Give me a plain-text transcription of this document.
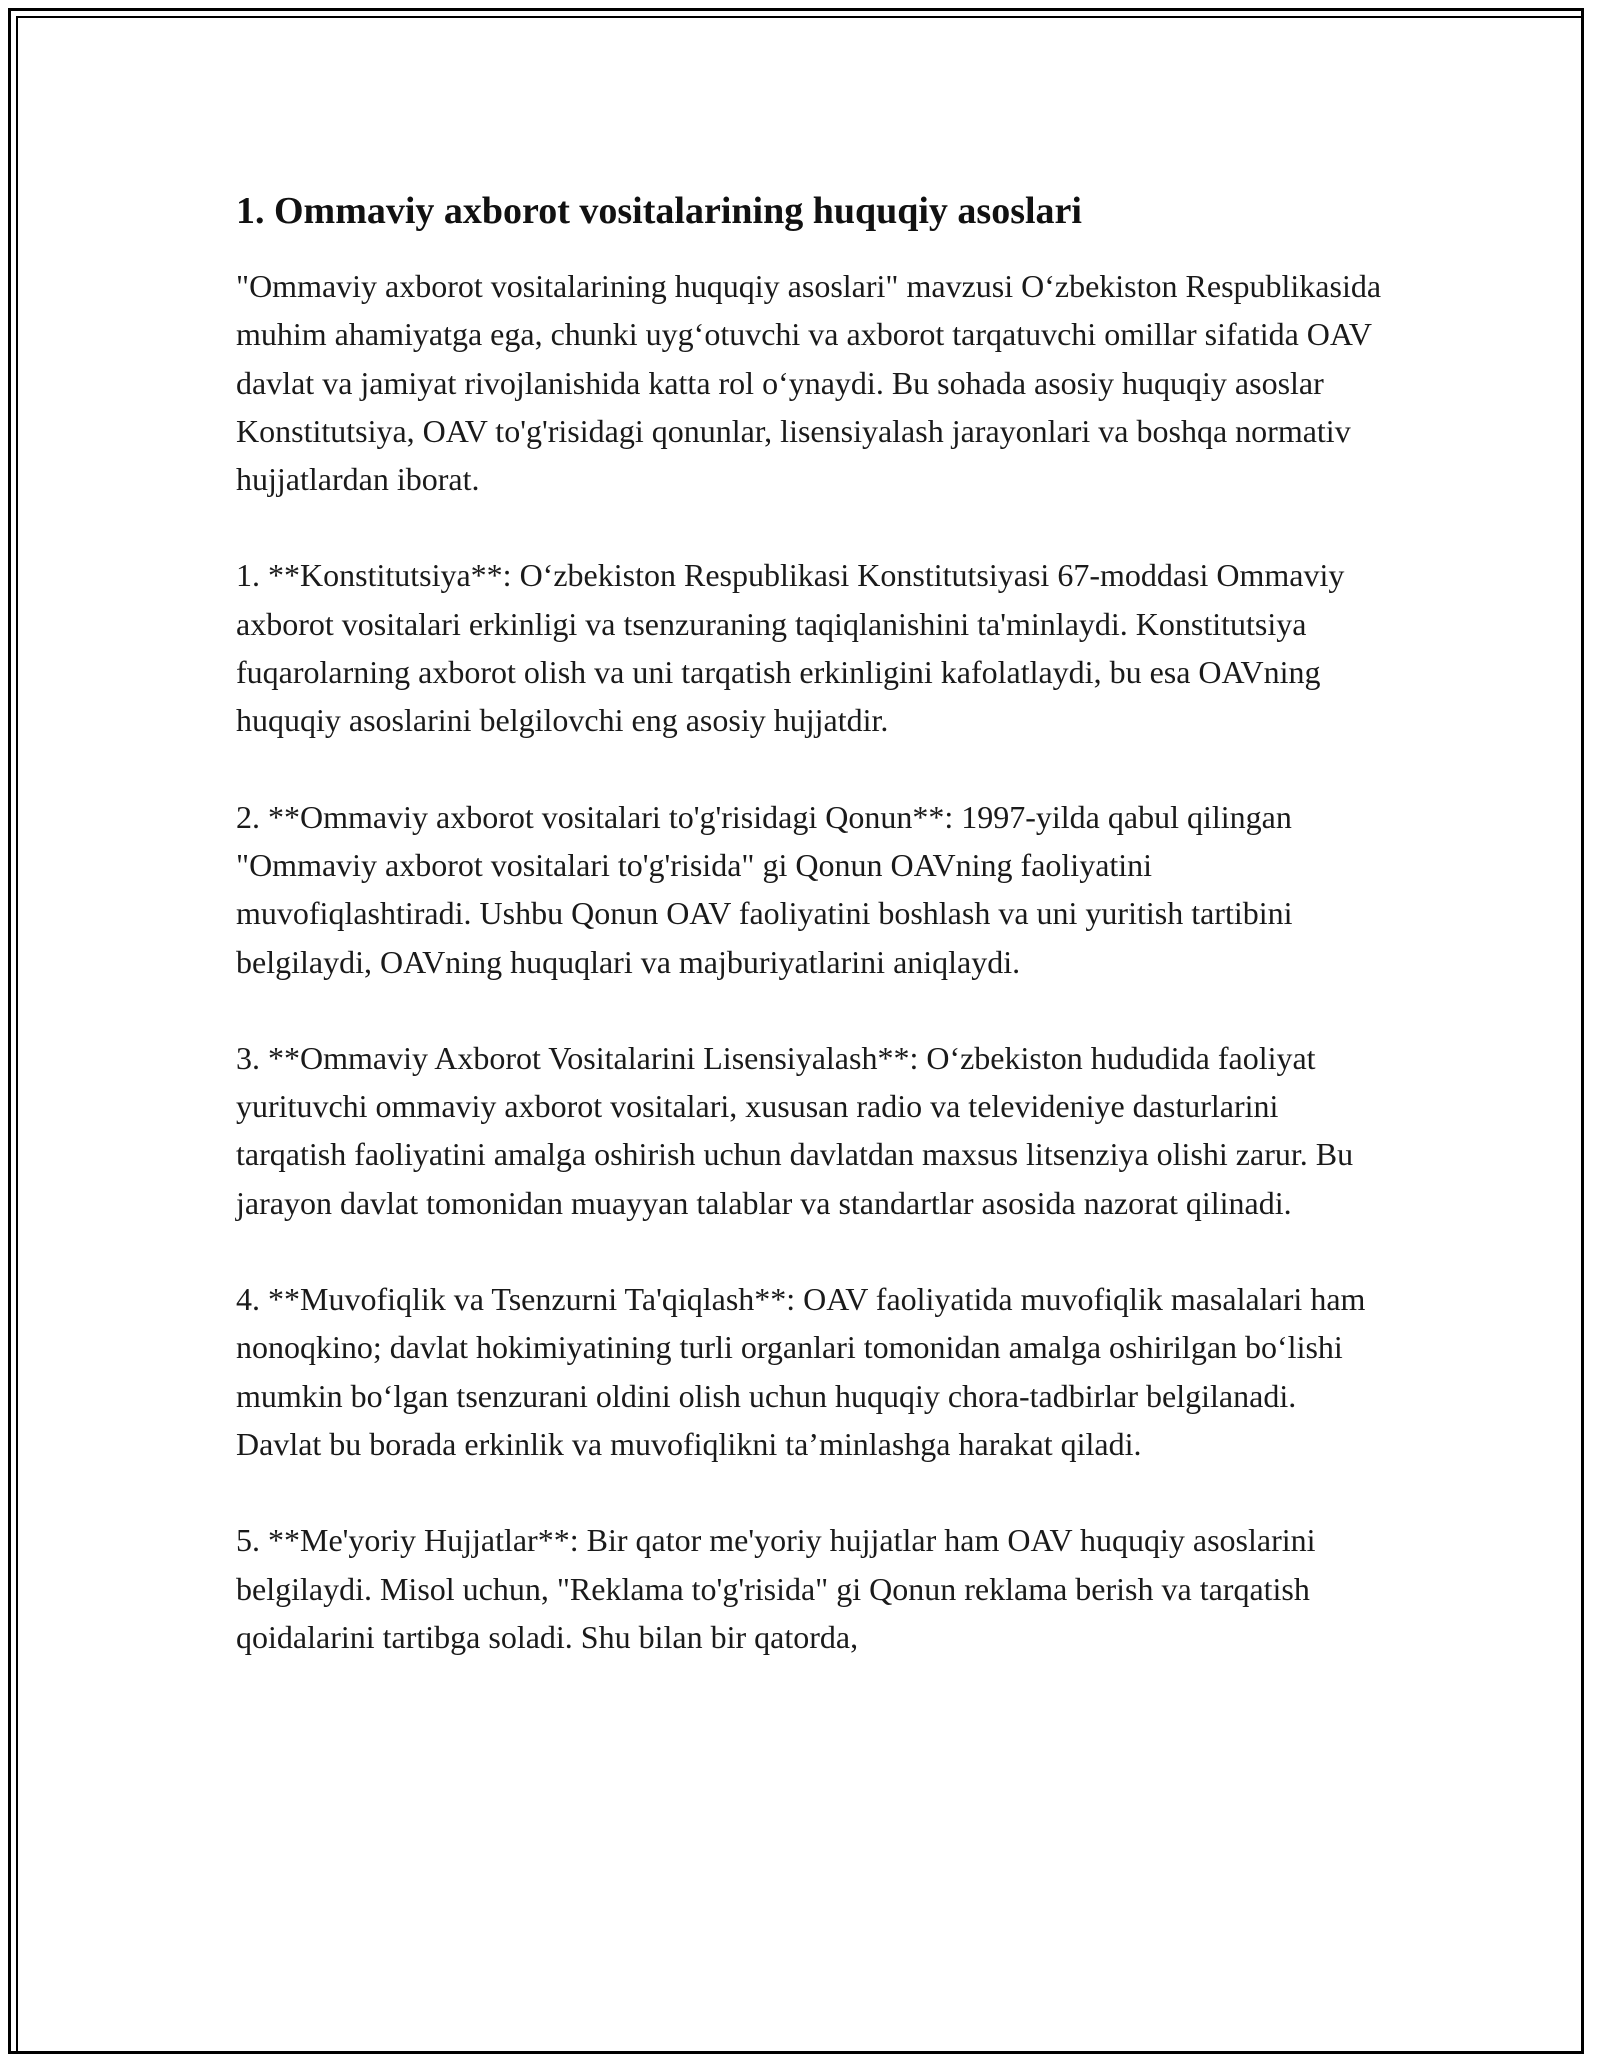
1. Ommaviy axborot vositalarining huquqiy asoslari

"Ommaviy axborot vositalarining huquqiy asoslari" mavzusi O‘zbekiston Respublikasida muhim ahamiyatga ega, chunki uyg‘otuvchi va axborot tarqatuvchi omillar sifatida OAV davlat va jamiyat rivojlanishida katta rol o‘ynaydi. Bu sohada asosiy huquqiy asoslar Konstitutsiya, OAV to'g'risidagi qonunlar, lisensiyalash jarayonlari va boshqa normativ hujjatlardan iborat.

1. **Konstitutsiya**: O‘zbekiston Respublikasi Konstitutsiyasi 67-moddasi Ommaviy axborot vositalari erkinligi va tsenzuraning taqiqlanishini ta'minlaydi. Konstitutsiya fuqarolarning axborot olish va uni tarqatish erkinligini kafolatlaydi, bu esa OAVning huquqiy asoslarini belgilovchi eng asosiy hujjatdir.

2. **Ommaviy axborot vositalari to'g'risidagi Qonun**: 1997-yilda qabul qilingan "Ommaviy axborot vositalari to'g'risida" gi Qonun OAVning faoliyatini muvofiqlashtiradi. Ushbu Qonun OAV faoliyatini boshlash va uni yuritish tartibini belgilaydi, OAVning huquqlari va majburiyatlarini aniqlaydi.

3. **Ommaviy Axborot Vositalarini Lisensiyalash**: O‘zbekiston hududida faoliyat yurituvchi ommaviy axborot vositalari, xususan radio va televideniye dasturlarini tarqatish faoliyatini amalga oshirish uchun davlatdan maxsus litsenziya olishi zarur. Bu jarayon davlat tomonidan muayyan talablar va standartlar asosida nazorat qilinadi.

4. **Muvofiqlik va Tsenzurni Ta'qiqlash**: OAV faoliyatida muvofiqlik masalalari ham nonoqkino; davlat hokimiyatining turli organlari tomonidan amalga oshirilgan bo‘lishi mumkin bo‘lgan tsenzurani oldini olish uchun huquqiy chora-tadbirlar belgilanadi. Davlat bu borada erkinlik va muvofiqlikni ta’minlashga harakat qiladi.

5. **Me'yoriy Hujjatlar**: Bir qator me'yoriy hujjatlar ham OAV huquqiy asoslarini belgilaydi. Misol uchun, "Reklama to'g'risida" gi Qonun reklama berish va tarqatish qoidalarini tartibga soladi. Shu bilan bir qatorda,
